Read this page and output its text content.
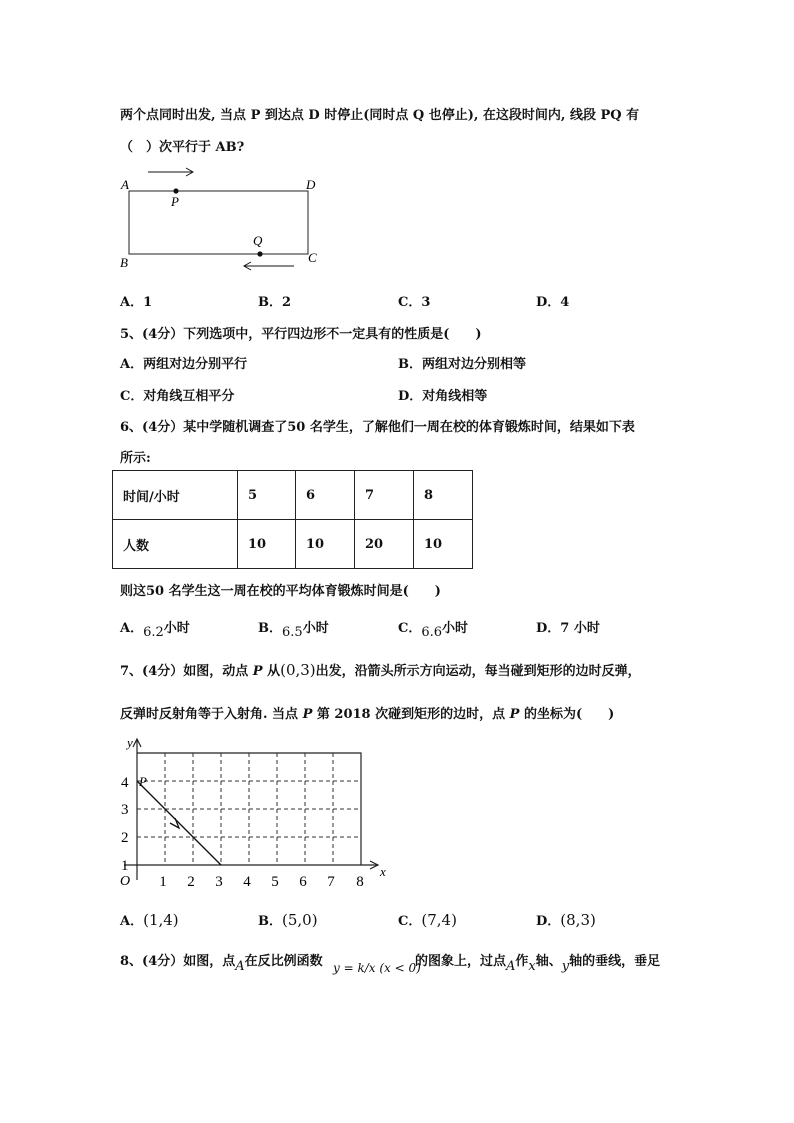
两个点同时出发, 当点 P 到达点 D 时停止(同时点 Q 也停止), 在这段时间内, 线段 PQ 有
（　）次平行于 AB?
A	D
P
Q
B	C
A．1	B．2	C．3	D．4
5、(4分）下列选项中，平行四边形不一定具有的性质是(　　)
A．两组对边分别平行	B．两组对边分别相等
C．对角线互相平分	D．对角线相等
6、(4分）某中学随机调查了50 名学生，了解他们一周在校的体育锻炼时间，结果如下表
所示:
时间/小时	5	6	7	8
人数	10	10	20	10
则这50 名学生这一周在校的平均体育锻炼时间是(　　)
A．6.2小时	B．6.5小时	C．6.6小时	D．7 小时
7、(4分）如图，动点 P 从(0,3)出发，沿箭头所示方向运动，每当碰到矩形的边时反弹，
反弹时反射角等于入射角. 当点 P 第 2018 次碰到矩形的边时，点 P 的坐标为(　　)
y
x
O
P
1
2
3
4
1 2 3 4 5 6 7 8
A．(1,4)	B．(5,0)	C．(7,4)	D．(8,3)
8、(4分）如图，点A在反比例函数 y = k/x (x < 0)
的图象上，过点A作x轴、y轴的垂线，垂足
